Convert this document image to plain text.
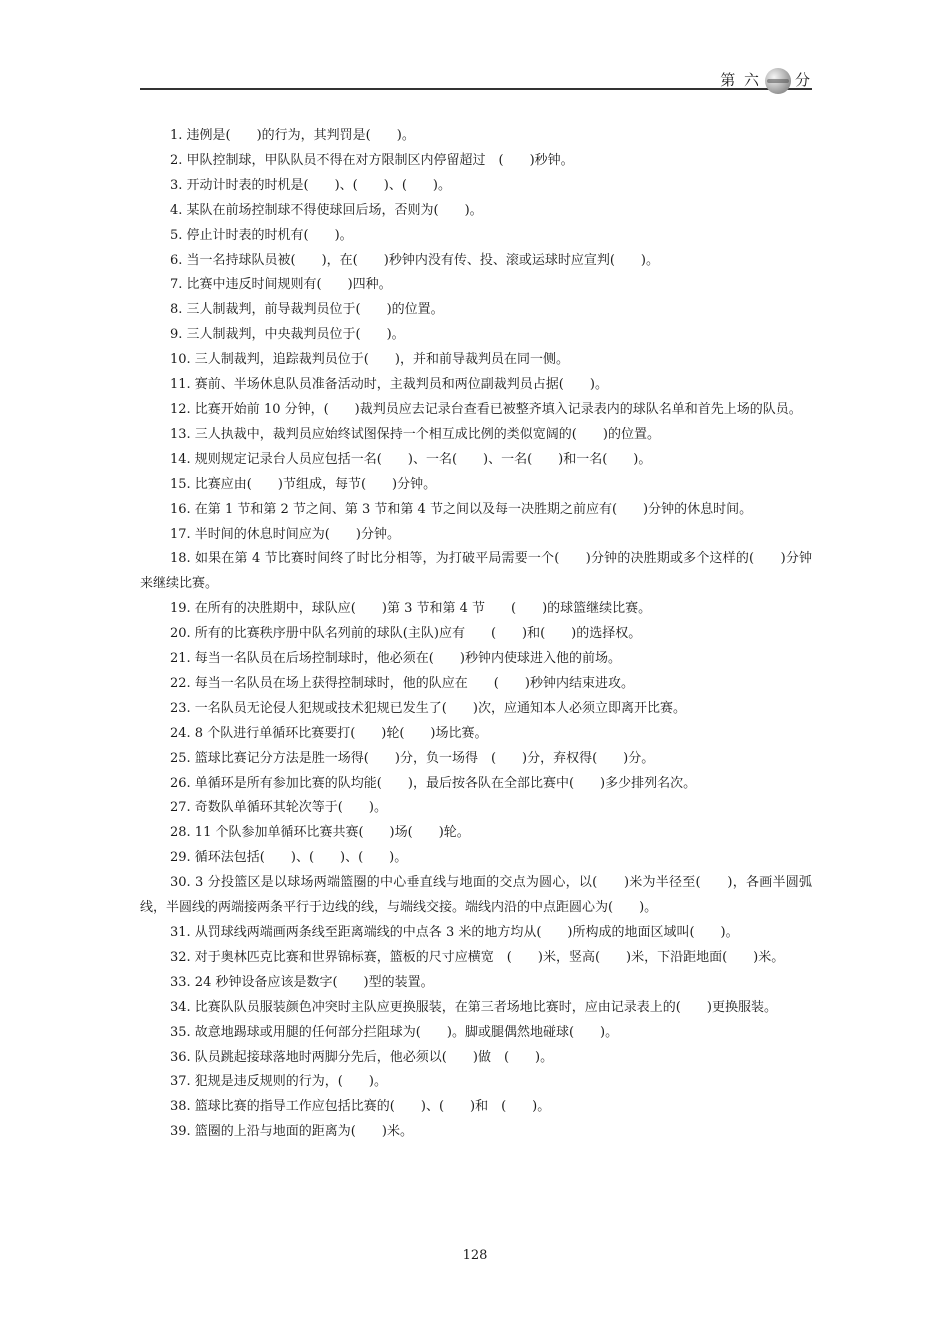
第 六 分

1. 违例是(　　)的行为，其判罚是(　　)。

2. 甲队控制球，甲队队员不得在对方限制区内停留超过　(　　)秒钟。

3. 开动计时表的时机是(　　)、(　　)、(　　)。

4. 某队在前场控制球不得使球回后场，否则为(　　)。

5. 停止计时表的时机有(　　)。

6. 当一名持球队员被(　　)，在(　　)秒钟内没有传、投、滚或运球时应宣判(　　)。

7. 比赛中违反时间规则有(　　)四种。

8. 三人制裁判，前导裁判员位于(　　)的位置。

9. 三人制裁判，中央裁判员位于(　　)。

10. 三人制裁判，追踪裁判员位于(　　)，并和前导裁判员在同一侧。

11. 赛前、半场休息队员准备活动时，主裁判员和两位副裁判员占据(　　)。

12. 比赛开始前 10 分钟，(　　)裁判员应去记录台查看已被整齐填入记录表内的球队名单和首先上场的队员。

13. 三人执裁中，裁判员应始终试图保持一个相互成比例的类似宽阔的(　　)的位置。

14. 规则规定记录台人员应包括一名(　　)、一名(　　)、一名(　　)和一名(　　)。

15. 比赛应由(　　)节组成，每节(　　)分钟。

16. 在第 1 节和第 2 节之间、第 3 节和第 4 节之间以及每一决胜期之前应有(　　)分钟的休息时间。

17. 半时间的休息时间应为(　　)分钟。

18. 如果在第 4 节比赛时间终了时比分相等，为打破平局需要一个(　　)分钟的决胜期或多个这样的(　　)分钟来继续比赛。

19. 在所有的决胜期中，球队应(　　)第 3 节和第 4 节　　(　　)的球篮继续比赛。

20. 所有的比赛秩序册中队名列前的球队(主队)应有　　(　　)和(　　)的选择权。

21. 每当一名队员在后场控制球时，他必须在(　　)秒钟内使球进入他的前场。

22. 每当一名队员在场上获得控制球时，他的队应在　　(　　)秒钟内结束进攻。

23. 一名队员无论侵人犯规或技术犯规已发生了(　　)次，应通知本人必须立即离开比赛。

24. 8 个队进行单循环比赛要打(　　)轮(　　)场比赛。

25. 篮球比赛记分方法是胜一场得(　　)分，负一场得　(　　)分，弃权得(　　)分。

26. 单循环是所有参加比赛的队均能(　　)，最后按各队在全部比赛中(　　)多少排列名次。

27. 奇数队单循环其轮次等于(　　)。

28. 11 个队参加单循环比赛共赛(　　)场(　　)轮。

29. 循环法包括(　　)、(　　)、(　　)。

30. 3 分投篮区是以球场两端篮圈的中心垂直线与地面的交点为圆心，以(　　)米为半径至(　　)，各画半圆弧线，半圆线的两端接两条平行于边线的线，与端线交接。端线内沿的中点距圆心为(　　)。

31. 从罚球线两端画两条线至距离端线的中点各 3 米的地方均从(　　)所构成的地面区域叫(　　)。

32. 对于奥林匹克比赛和世界锦标赛，篮板的尺寸应横宽　(　　)米，竖高(　　)米，下沿距地面(　　)米。

33. 24 秒钟设备应该是数字(　　)型的装置。

34. 比赛队队员服装颜色冲突时主队应更换服装，在第三者场地比赛时，应由记录表上的(　　)更换服装。

35. 故意地踢球或用腿的任何部分拦阻球为(　　)。脚或腿偶然地碰球(　　)。

36. 队员跳起接球落地时两脚分先后，他必须以(　　)做　(　　)。

37. 犯规是违反规则的行为，(　　)。

38. 篮球比赛的指导工作应包括比赛的(　　)、(　　)和　(　　)。

39. 篮圈的上沿与地面的距离为(　　)米。

128
